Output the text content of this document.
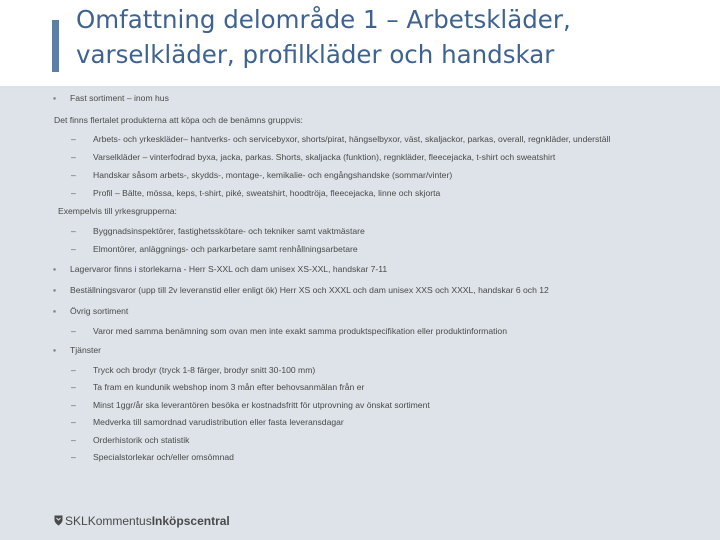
Omfattning delområde 1 – Arbetskläder,
varselkläder, profilkläder och handskar
▪ Fast sortiment – inom hus
Det finns flertalet produkterna att köpa och de benämns gruppvis:
– Arbets- och yrkeskläder– hantverks- och servicebyxor, shorts/pirat, hängselbyxor, väst, skaljackor, parkas, overall, regnkläder, underställ
– Varselkläder – vinterfodrad byxa, jacka, parkas. Shorts, skaljacka (funktion), regnkläder, fleecejacka, t-shirt och sweatshirt
– Handskar såsom arbets-, skydds-, montage-, kemikalie- och engångshandske (sommar/vinter)
– Profil – Bälte, mössa, keps, t-shirt, piké, sweatshirt, hoodtröja, fleecejacka, linne och skjorta
Exempelvis till yrkesgrupperna:
– Byggnadsinspektörer, fastighetsskötare- och tekniker samt vaktmästare
– Elmontörer, anläggnings- och parkarbetare samt renhållningsarbetare
▪ Lagervaror finns i storlekarna - Herr S-XXL och dam unisex XS-XXL, handskar 7-11
▪ Beställningsvaror (upp till 2v leveranstid eller enligt ök) Herr XS och XXXL och dam unisex XXS och XXXL, handskar 6 och 12
▪ Övrig sortiment
– Varor med samma benämning som ovan men inte exakt samma produktspecifikation eller produktinformation
▪ Tjänster
– Tryck och brodyr (tryck 1-8 färger, brodyr snitt 30-100 mm)
– Ta fram en kundunik webshop inom 3 mån efter behovsanmälan från er
– Minst 1ggr/år ska leverantören besöka er kostnadsfritt för utprovning av önskat sortiment
– Medverka till samordnad varudistribution eller fasta leveransdagar
– Orderhistorik och statistik
– Specialstorlekar och/eller omsömnad
SKLKommentusInköpscentral
